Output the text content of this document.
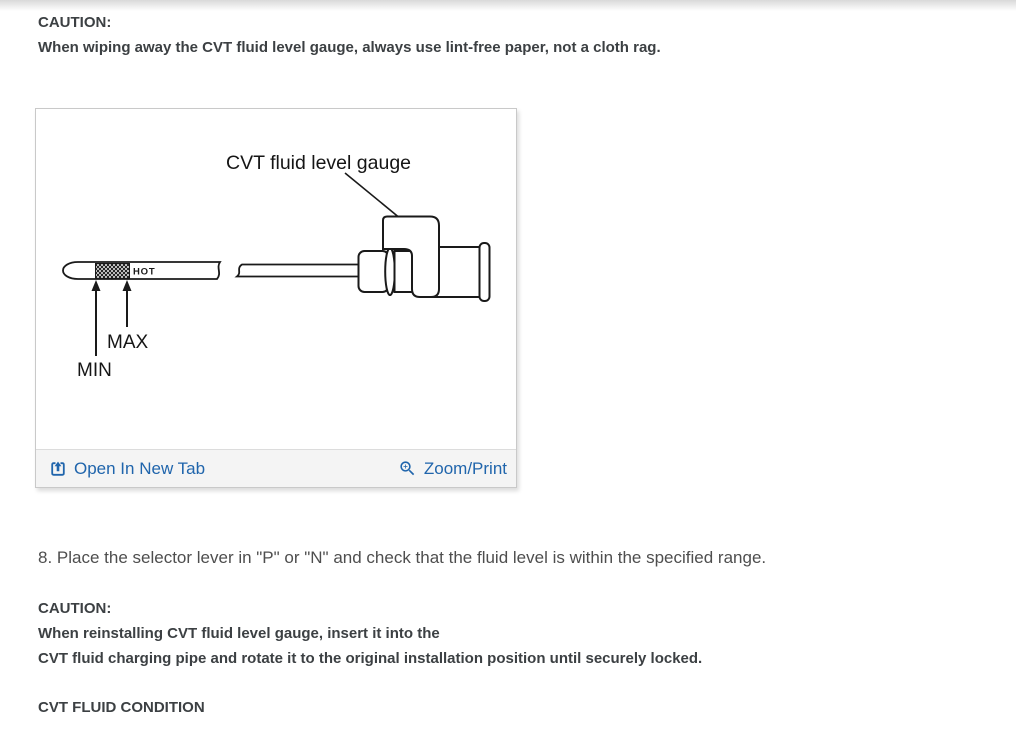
CAUTION:
When wiping away the CVT fluid level gauge, always use lint-free paper, not a cloth rag.
CVT fluid level gauge
HOT
MAX
MIN
Open In New Tab	Zoom/Print
8. Place the selector lever in "P" or "N" and check that the fluid level is within the specified range.
CAUTION:
When reinstalling CVT fluid level gauge, insert it into the
CVT fluid charging pipe and rotate it to the original installation position until securely locked.
CVT FLUID CONDITION
